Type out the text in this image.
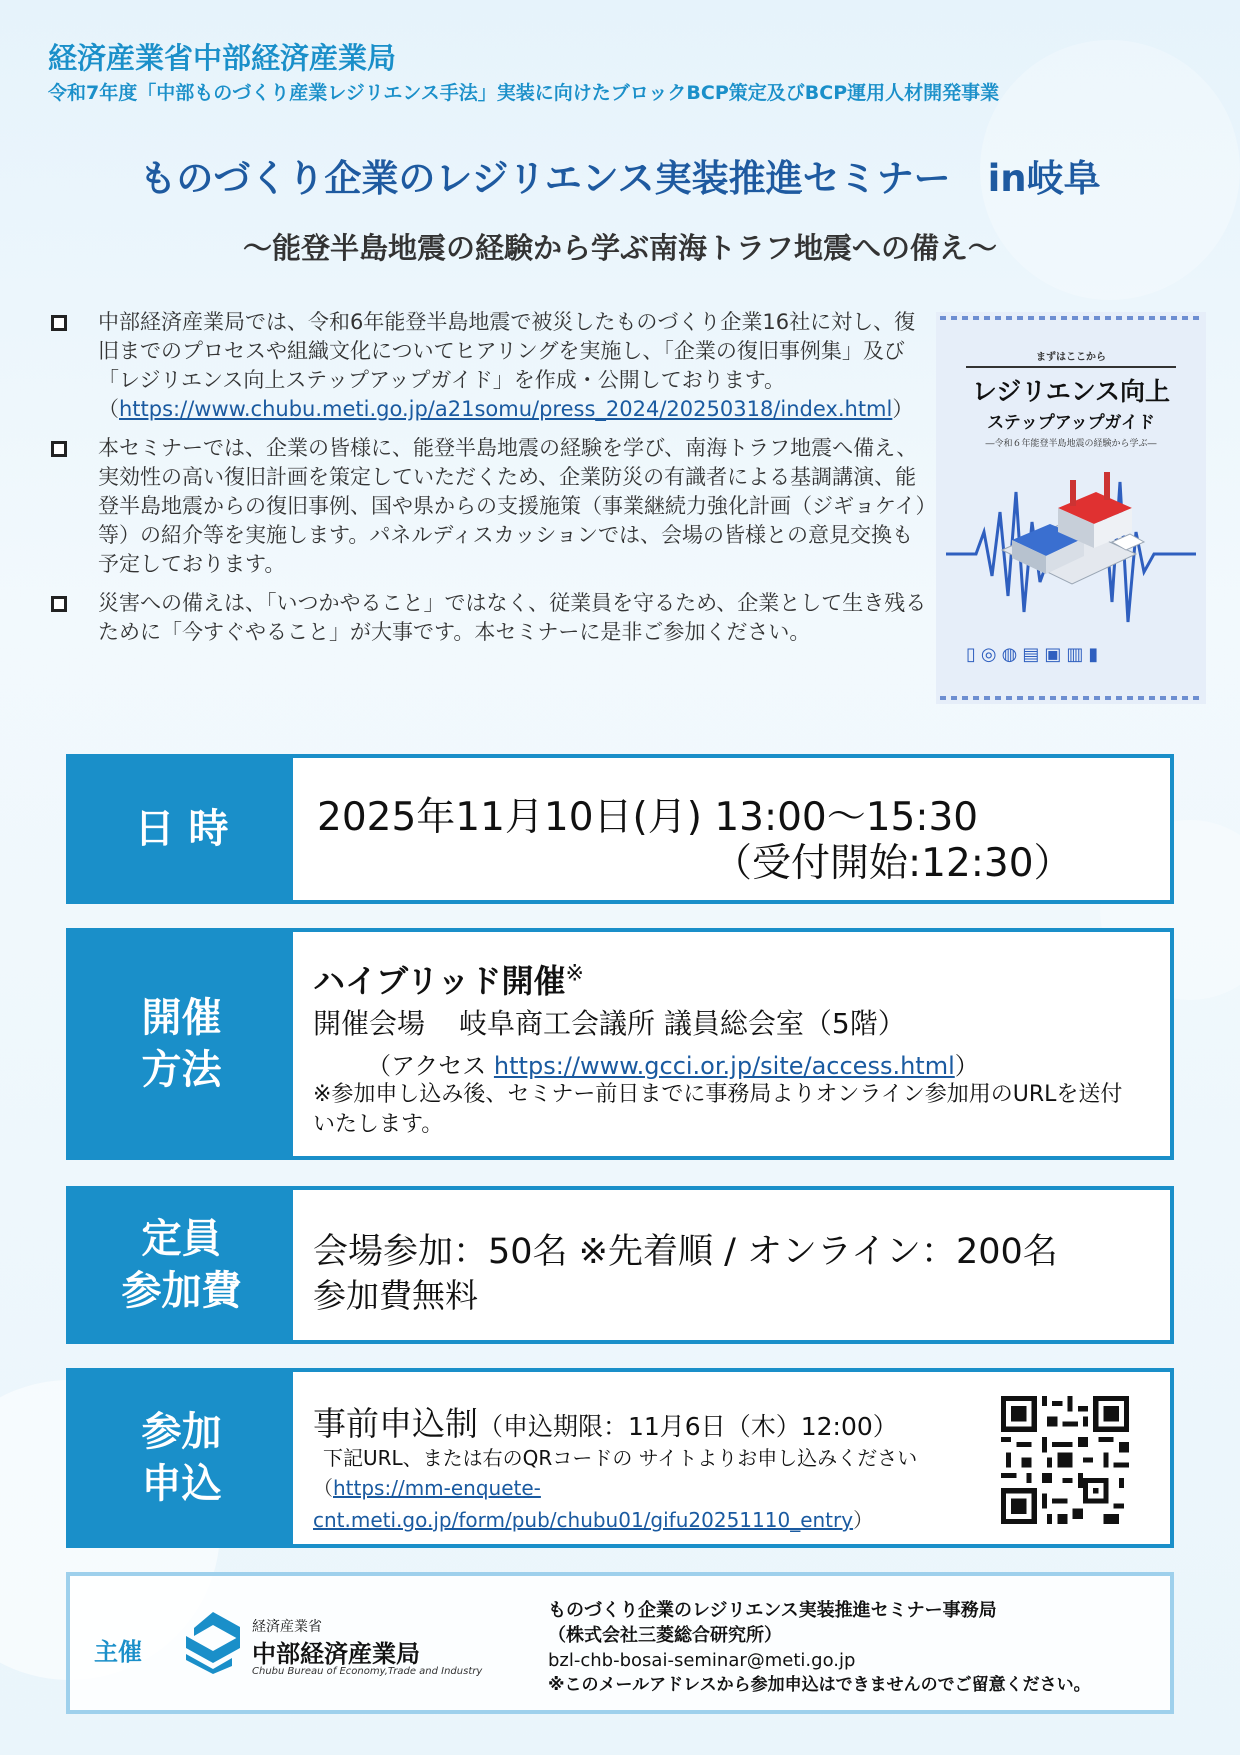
経済産業省中部経済産業局
令和7年度「中部ものづくり産業レジリエンス手法」実装に向けたブロックBCP策定及びBCP運用人材開発事業
ものづくり企業のレジリエンス実装推進セミナー　in岐阜
〜能登半島地震の経験から学ぶ南海トラフ地震への備え〜
中部経済産業局では、令和6年能登半島地震で被災したものづくり企業16社に対し、復旧までのプロセスや組織文化についてヒアリングを実施し、「企業の復旧事例集」及び「レジリエンス向上ステップアップガイド」を作成・公開しております。
（https://www.chubu.meti.go.jp/a21somu/press_2024/20250318/index.html）
本セミナーでは、企業の皆様に、能登半島地震の経験を学び、南海トラフ地震へ備え、実効性の高い復旧計画を策定していただくため、企業防災の有識者による基調講演、能登半島地震からの復旧事例、国や県からの支援施策（事業継続力強化計画（ジギョケイ）等）の紹介等を実施します。パネルディスカッションでは、会場の皆様との意見交換も予定しております。
災害への備えは、「いつかやること」ではなく、従業員を守るため、企業として生き残るために「今すぐやること」が大事です。本セミナーに是非ご参加ください。
まずはここから
レジリエンス向上
ステップアップガイド
―令和６年能登半島地震の経験から学ぶ―
▯◎◍▤▣▥▮
日 時	2025年11月10日(月) 13:00〜15:30
（受付開始:12:30）
開催
方法
ハイブリッド開催※
開催会場 岐阜商工会議所 議員総会室（5階）
（アクセス https://www.gcci.or.jp/site/access.html）
※参加申し込み後、セミナー前日までに事務局よりオンライン参加用のURLを送付いたします。
定員
参加費
会場参加：50名 ※先着順 / オンライン：200名
参加費無料
参加
申込
事前申込制（申込期限：11月6日（木）12:00）
下記URL、または右のQRコードの サイトよりお申し込みください
（https://mm-enquete-cnt.meti.go.jp/form/pub/chubu01/gifu20251110_entry）
主催
経済産業省
中部経済産業局
Chubu Bureau of Economy,Trade and Industry
ものづくり企業のレジリエンス実装推進セミナー事務局
（株式会社三菱総合研究所）
bzl-chb-bosai-seminar@meti.go.jp
※このメールアドレスから参加申込はできませんのでご留意ください。
